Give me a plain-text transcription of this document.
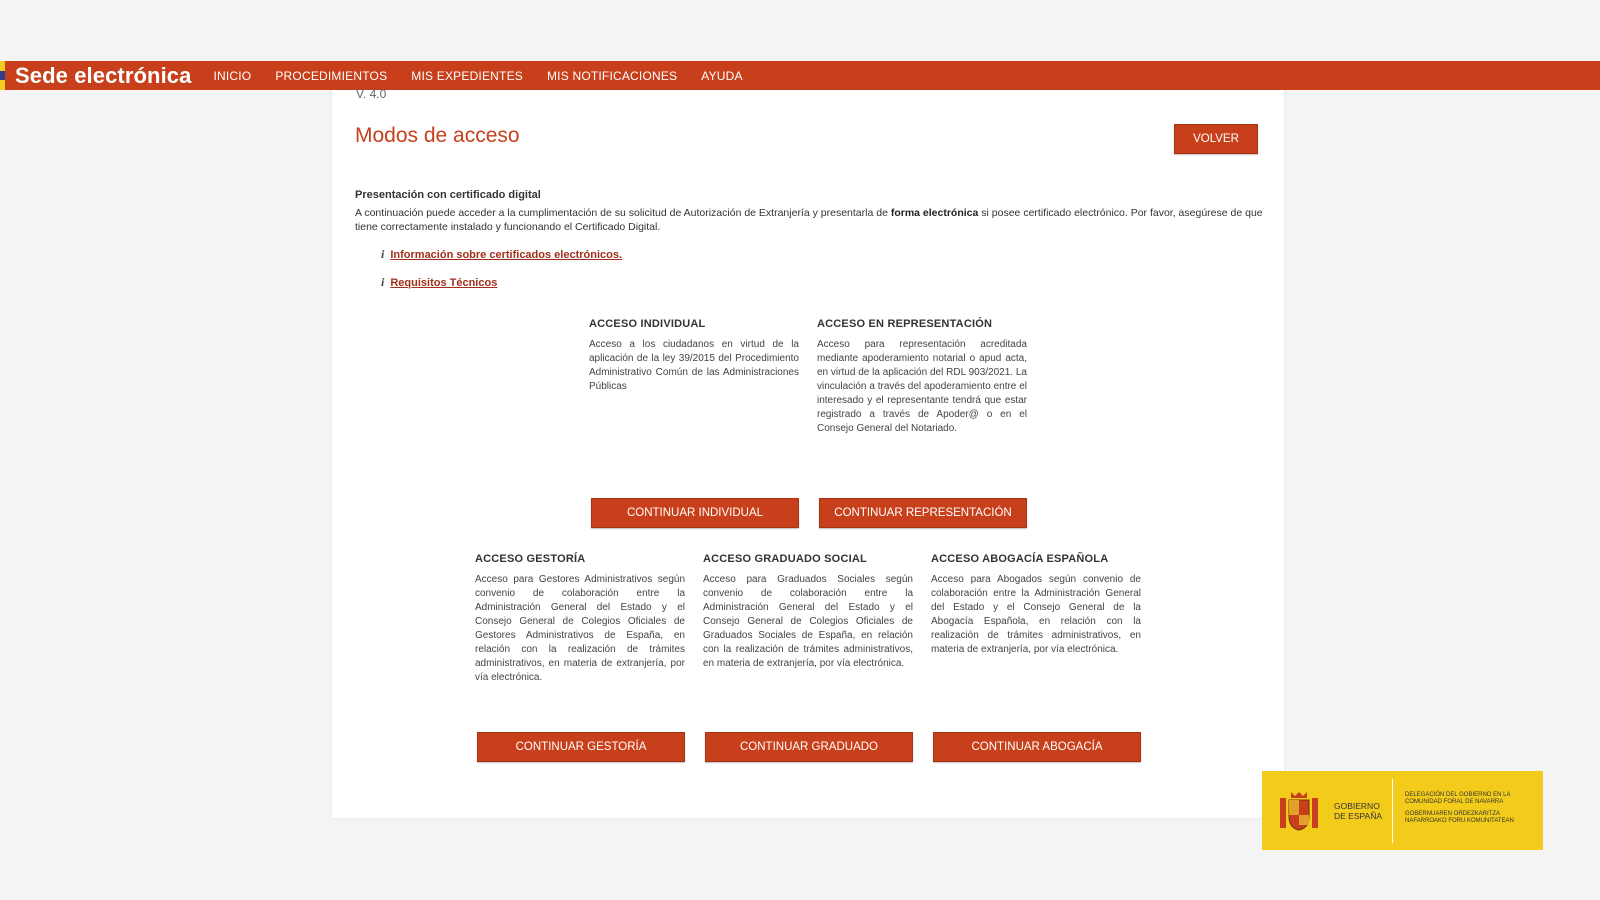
Sede electrónica	INICIO	PROCEDIMIENTOS	MIS EXPEDIENTES	MIS NOTIFICACIONES	AYUDA
V. 4.0
Modos de acceso	VOLVER
Presentación con certificado digital

A continuación puede acceder a la cumplimentación de su solicitud de Autorización de Extranjería y presentarla de forma electrónica si posee certificado electrónico. Por favor, asegúrese de que tiene correctamente instalado y funcionando el Certificado Digital.

i Información sobre certificados electrónicos.
i Requisitos Técnicos
ACCESO INDIVIDUAL

Acceso a los ciudadanos en virtud de la aplicación de la ley 39/2015 del Procedimiento Administrativo Común de las Administraciones Públicas

ACCESO EN REPRESENTACIÓN

Acceso para representación acreditada mediante apoderamiento notarial o apud acta, en virtud de la aplicación del RDL 903/2021. La vinculación a través del apoderamiento entre el interesado y el representante tendrá que estar registrado a través de Apoder@ o en el Consejo General del Notariado.

CONTINUAR INDIVIDUAL	CONTINUAR REPRESENTACIÓN
ACCESO GESTORÍA

Acceso para Gestores Administrativos según convenio de colaboración entre la Administración General del Estado y el Consejo General de Colegios Oficiales de Gestores Administrativos de España, en relación con la realización de trámites administrativos, en materia de extranjería, por vía electrónica.

ACCESO GRADUADO SOCIAL

Acceso para Graduados Sociales según convenio de colaboración entre la Administración General del Estado y el Consejo General de Colegios Oficiales de Graduados Sociales de España, en relación con la realización de trámites administrativos, en materia de extranjería, por vía electrónica.

ACCESO ABOGACÍA ESPAÑOLA

Acceso para Abogados según convenio de colaboración entre la Administración General del Estado y el Consejo General de la Abogacía Española, en relación con la realización de trámites administrativos, en materia de extranjería, por vía electrónica.

CONTINUAR GESTORÍA	CONTINUAR GRADUADO	CONTINUAR ABOGACÍA
GOBIERNO
DE ESPAÑA
DELEGACIÓN DEL GOBIERNO EN LA COMUNIDAD FORAL DE NAVARRA
GOBERNUAREN ORDEZKARITZA NAFARROAKO FORU KOMUNITATEAN
